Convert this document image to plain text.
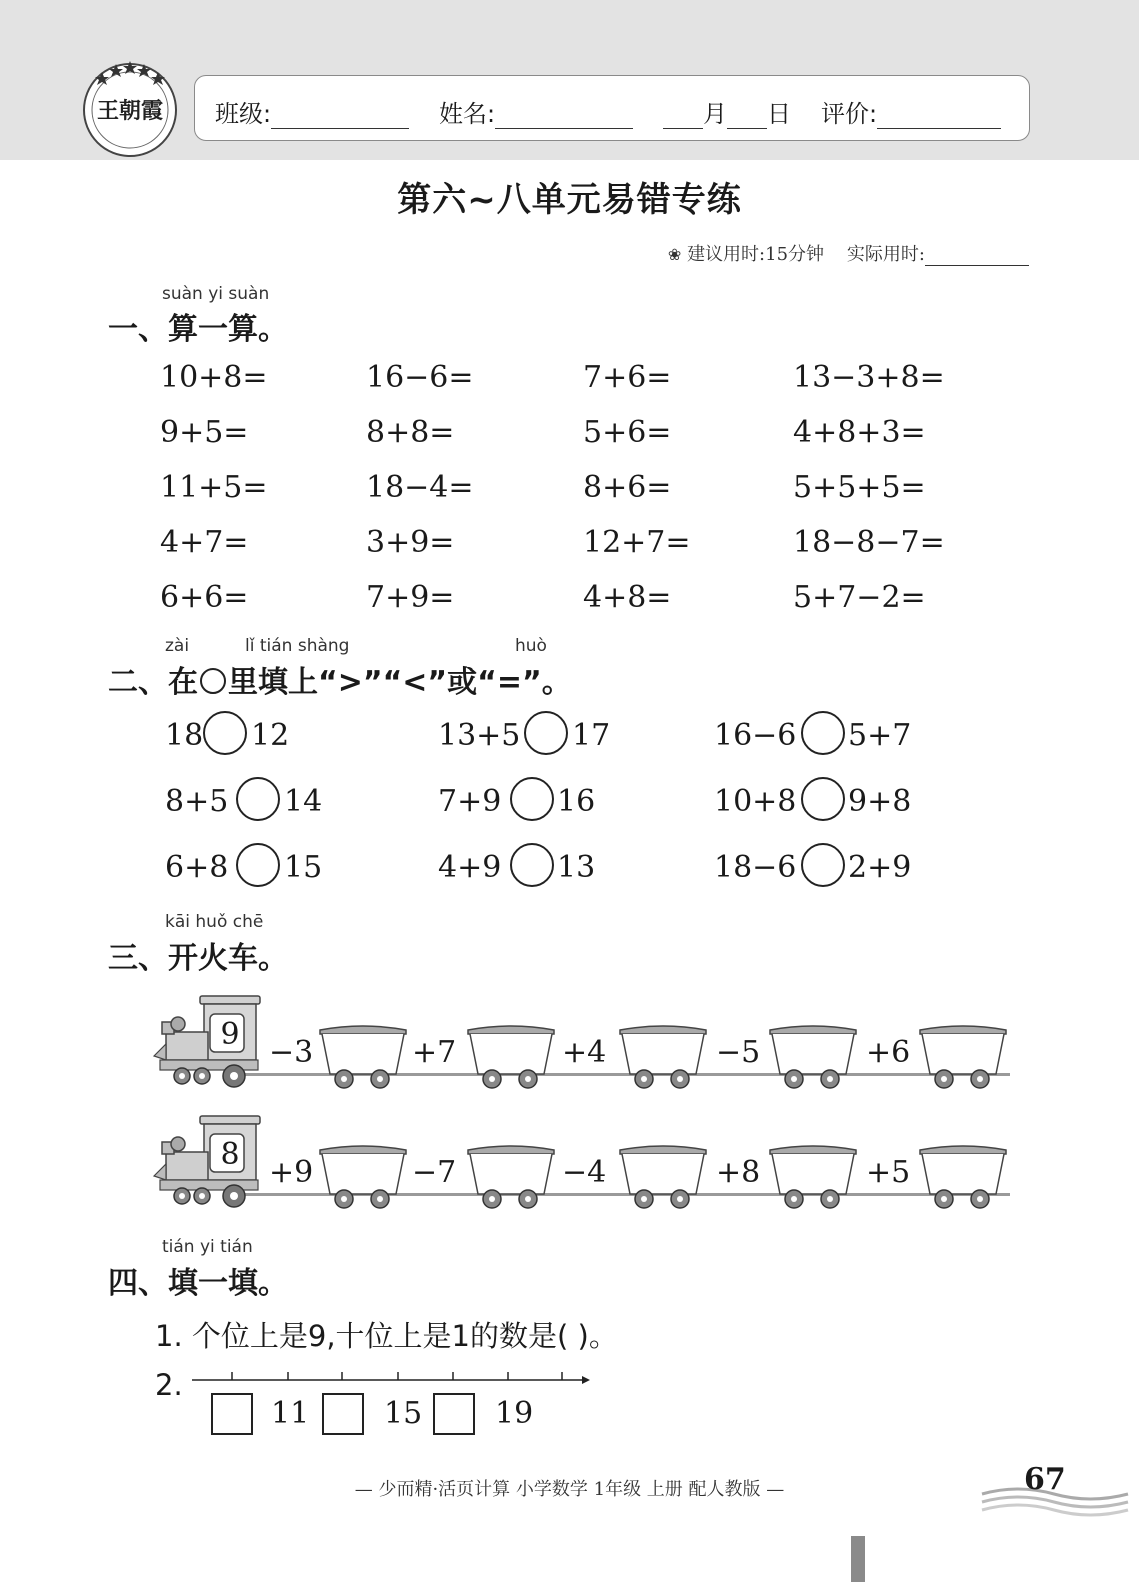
王朝霞 班级:	姓名:	月 日 评价:
第六~八单元易错专练
❀ 建议用时:15分钟 实际用时:
suàn yi suàn
一、算一算。
10+8=	16−6=	7+6=	13−3+8=
9+5=	8+8=	5+6=	4+8+3=
11+5=	18−4=	8+6=	5+5+5=
4+7=	3+9=	12+7=	18−8−7=
6+6=	7+9=	4+8=	5+7−2=
zài	lǐ tián shàng	huò
二、在 里填上“>”“<”或“=”。
18 12	13+5 17	16−6 5+7
8+5 14	7+9 16	10+8 9+8
6+8 15	4+9 13	18−6 2+9
kāi huǒ chē
三、开火车。
9
−3	+7	+4	−5	+6
8
+9	−7	−4	+8	+5
tián yi tián
四、填一填。
1. 个位上是9,十位上是1的数是( )。
2.
11 15 19
— 少而精·活页计算 小学数学 1年级 上册 配人教版 —	67
